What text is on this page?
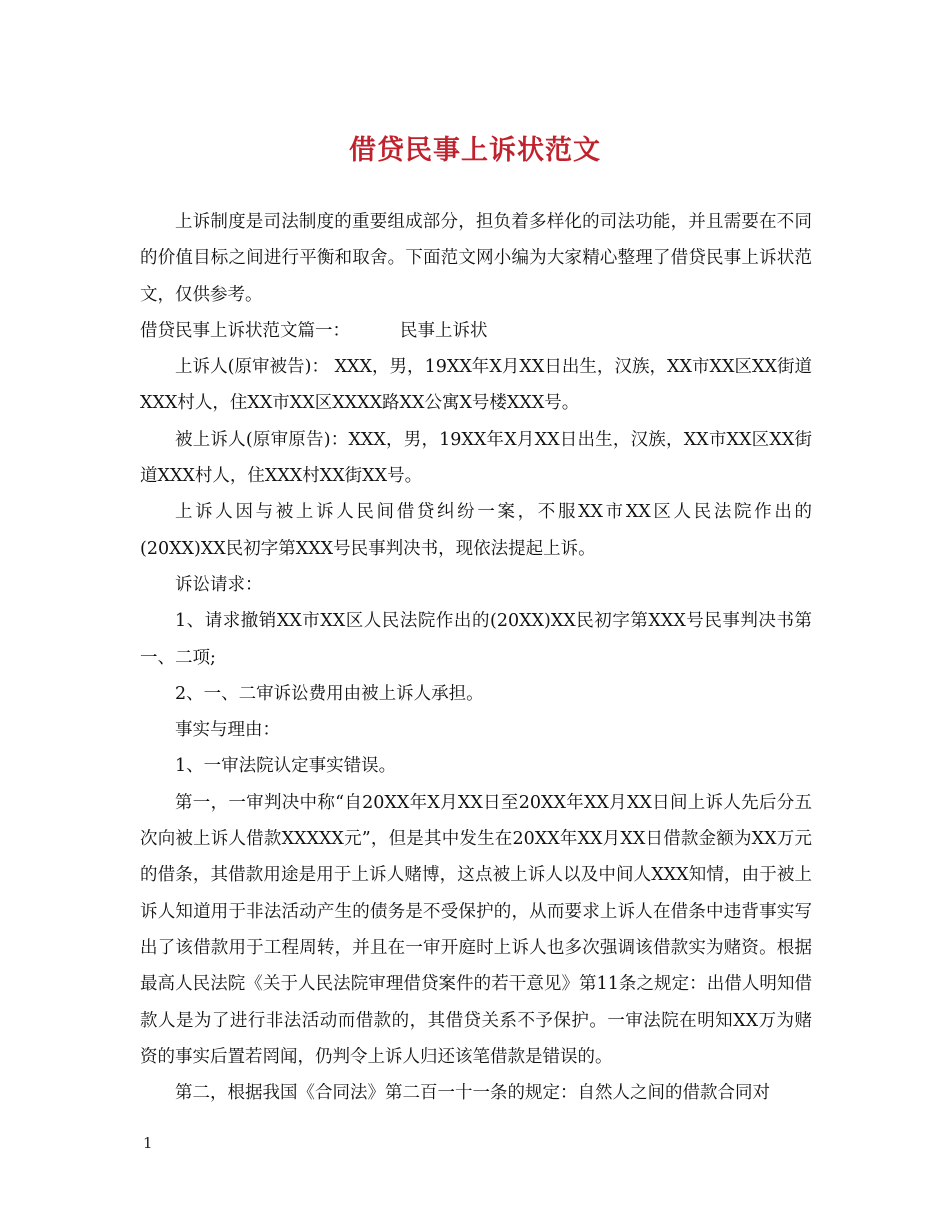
借贷民事上诉状范文

上诉制度是司法制度的重要组成部分，担负着多样化的司法功能，并且需要在不同的价值目标之间进行平衡和取舍。下面范文网小编为大家精心整理了借贷民事上诉状范文，仅供参考。

借贷民事上诉状范文篇一：	民事上诉状

上诉人(原审被告)： XXX，男，19XX年X月XX日出生，汉族，XX市XX区XX街道XXX村人，住XX市XX区XXXX路XX公寓X号楼XXX号。

被上诉人(原审原告)：XXX，男，19XX年X月XX日出生，汉族，XX市XX区XX街道XXX村人，住XXX村XX街XX号。

上诉人因与被上诉人民间借贷纠纷一案，不服XX市XX区人民法院作出的(20XX)XX民初字第XXX号民事判决书，现依法提起上诉。

诉讼请求：

1、请求撤销XX市XX区人民法院作出的(20XX)XX民初字第XXX号民事判决书第一、二项;

2、一、二审诉讼费用由被上诉人承担。

事实与理由：

1、一审法院认定事实错误。

第一，一审判决中称“自20XX年X月XX日至20XX年XX月XX日间上诉人先后分五次向被上诉人借款XXXXX元”，但是其中发生在20XX年XX月XX日借款金额为XX万元的借条，其借款用途是用于上诉人赌博，这点被上诉人以及中间人XXX知情，由于被上诉人知道用于非法活动产生的债务是不受保护的，从而要求上诉人在借条中违背事实写出了该借款用于工程周转，并且在一审开庭时上诉人也多次强调该借款实为赌资。根据最高人民法院《关于人民法院审理借贷案件的若干意见》第11条之规定：出借人明知借款人是为了进行非法活动而借款的，其借贷关系不予保护。一审法院在明知XX万为赌资的事实后置若罔闻，仍判令上诉人归还该笔借款是错误的。

第二，根据我国《合同法》第二百一十一条的规定：自然人之间的借款合同对

1
